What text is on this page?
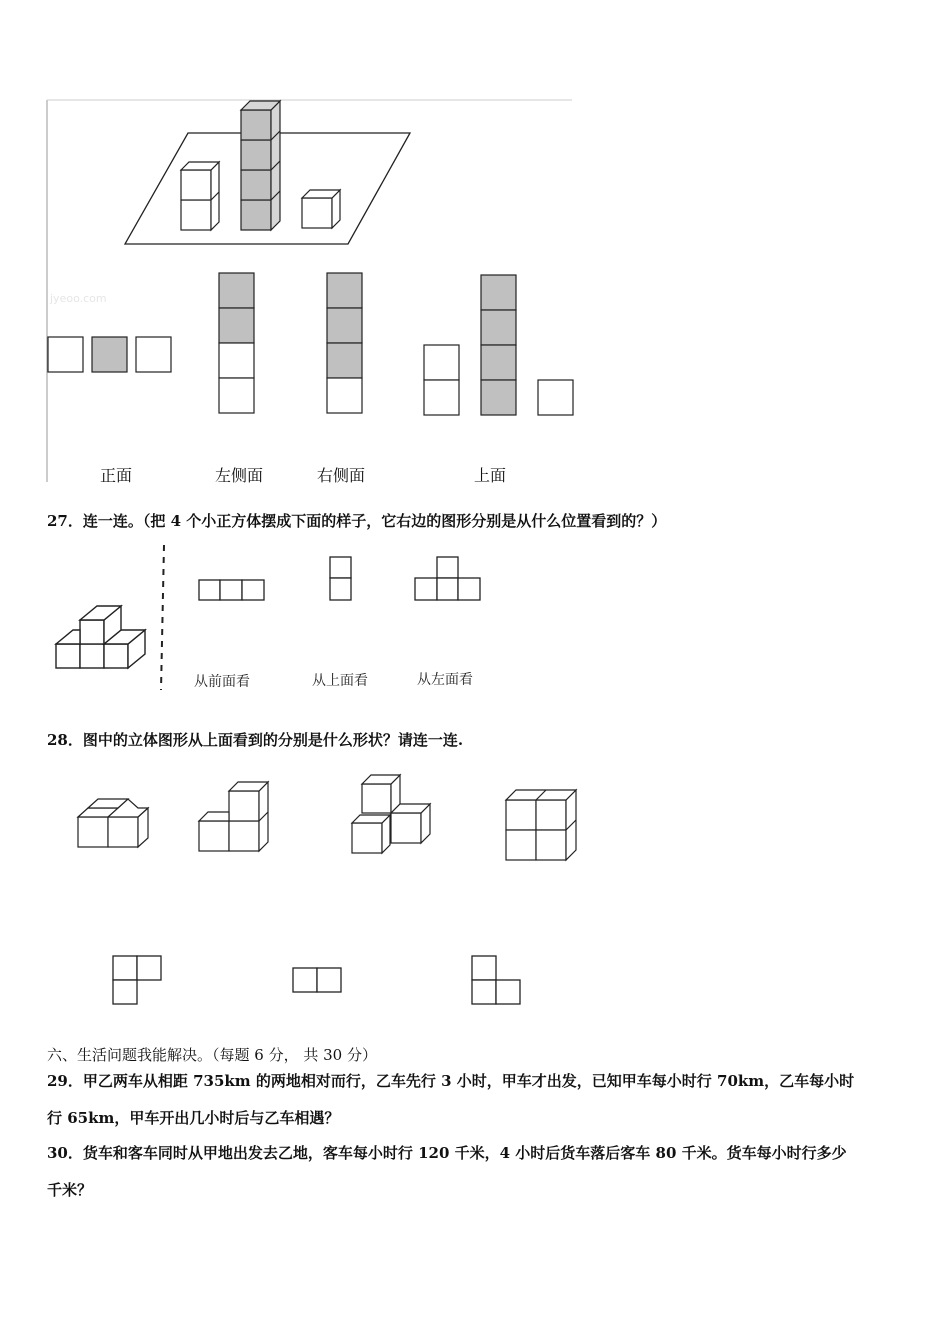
jyeoo.com
正面	左侧面	右侧面	上面
27．连一连。（把 4 个小正方体摆成下面的样子，它右边的图形分别是从什么位置看到的？）
从前面看	从上面看	从左面看
28．图中的立体图形从上面看到的分别是什么形状？请连一连.
六、生活问题我能解决。（每题 6 分， 共 30 分）
29．甲乙两车从相距 735km 的两地相对而行，乙车先行 3 小时，甲车才出发，已知甲车每小时行 70km，乙车每小时
行 65km，甲车开出几小时后与乙车相遇？
30．货车和客车同时从甲地出发去乙地，客车每小时行 120 千米，4 小时后货车落后客车 80 千米。货车每小时行多少
千米？
